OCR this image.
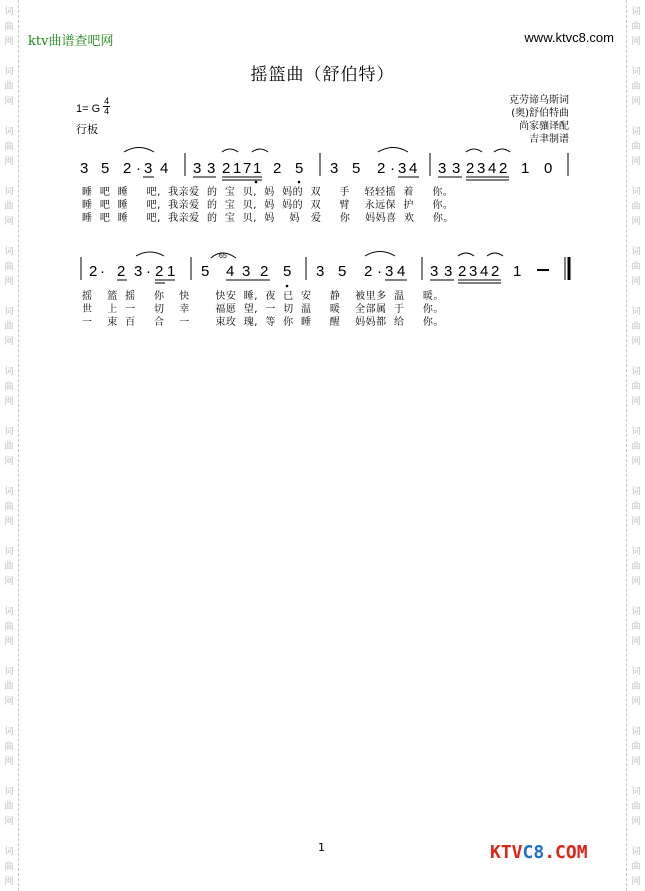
词
曲
网
词
曲
网
词
曲
网
词
曲
网
词
曲
网
词
曲
网
词
曲
网
词
曲
网
词
曲
网
词
曲
网
词
曲
网
词
曲
网
词
曲
网
词
曲
网
词
曲
网
词
曲
网
词
曲
网
词
曲
网
词
曲
网
词
曲
网
词
曲
网
词
曲
网
词
曲
网
词
曲
网
词
曲
网
词
曲
网
词
曲
网
词
曲
网
词
曲
网
词
曲
网
ktv曲谱查吧网	www.ktvc8.com
摇篮曲（舒伯特）
克劳谛乌斯词
(奥)舒伯特曲
尚家骧译配
吉聿制谱
1= G $\frac{4}{4}$
行板
3 5 2 · 3 4 3 3 2 1 7 1 2 5 3 5 2 · 3 4 3 3 2 3 4 2 1 0
2 · 2 3 · 2 1 5
65
4 3 2 5 3 5 2 · 3 4 3 3 2 3 4 2 1
睡  吧  睡     吧,  我亲爱  的  宝  贝,  妈  妈的  双     手    轻轻摇  着     你。
睡  吧  睡     吧,  我亲爱  的  宝  贝,  妈  妈的  双     臂    永远保  护     你。
睡  吧  睡     吧,  我亲爱  的  宝  贝,  妈    妈   爱     你    妈妈喜  欢     你。
摇    篮  摇     你    快       快安  睡,  夜  已  安     静    被里多  温     暖。
世    上  一     切    幸       福愿  望,  一  切  温     暖    全部属  于     你。
一    束  百     合    一       束玫  瑰,  等  你  睡     醒    妈妈都  给     你。
1	KTVC8.COM
